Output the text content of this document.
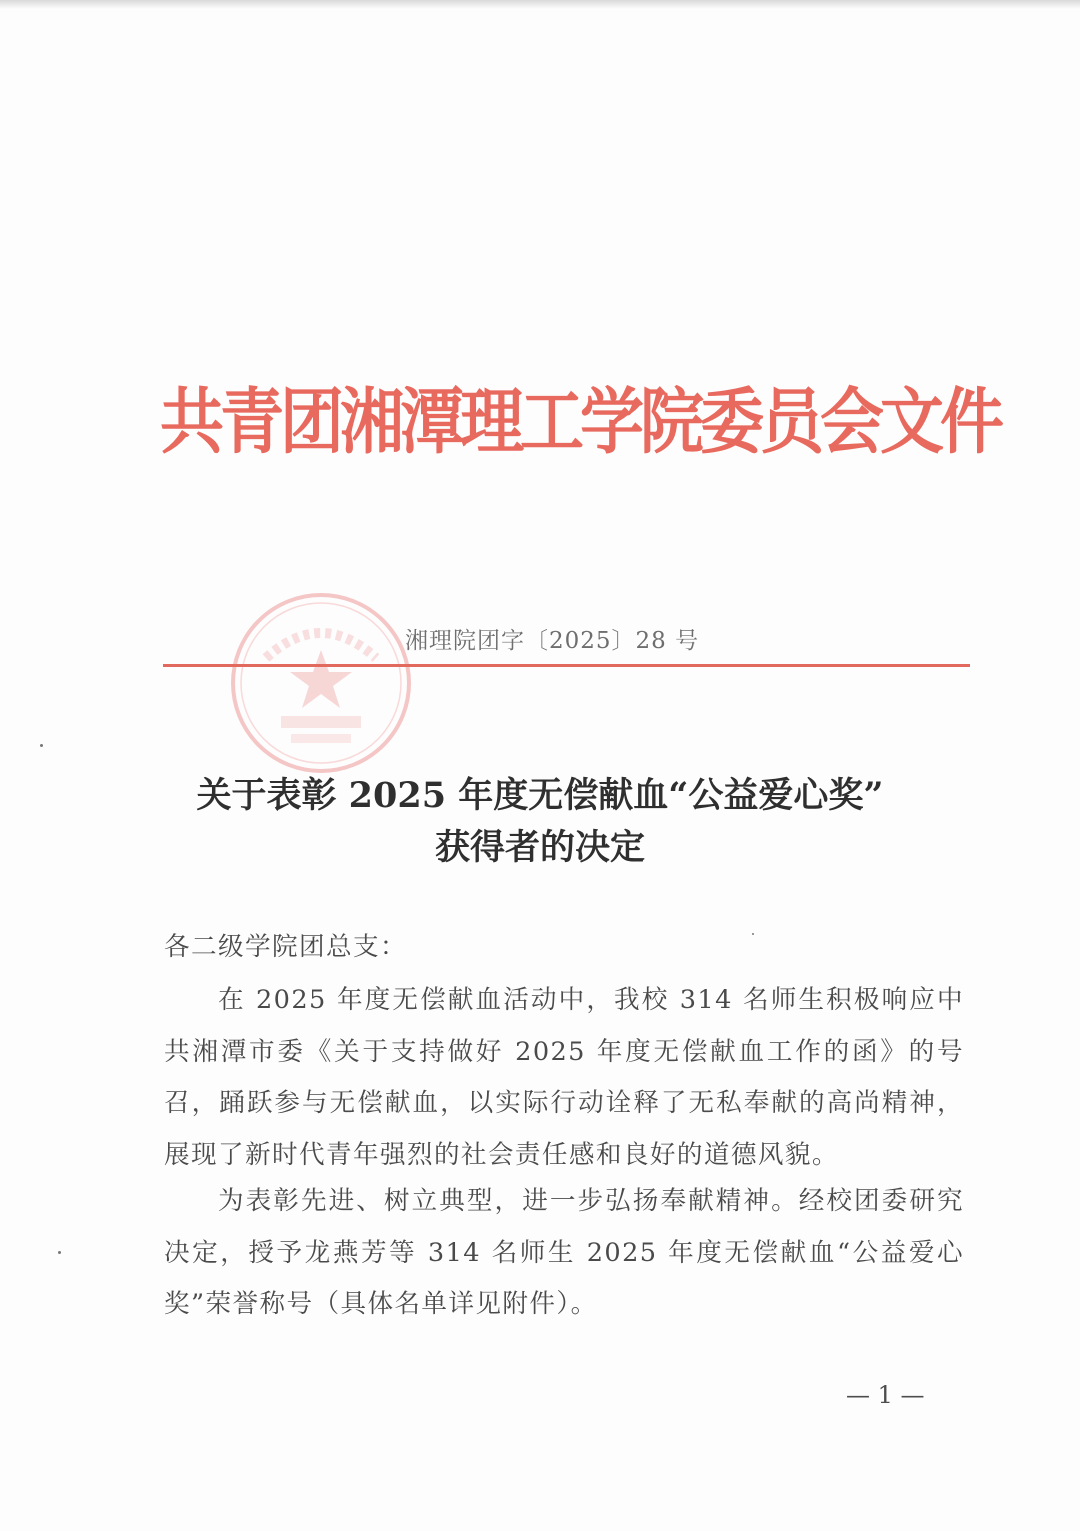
共青团湘潭理工学院委员会文件
湘理院团字〔2025〕28 号
关于表彰 2025 年度无偿献血“公益爱心奖”
获得者的决定
各二级学院团总支：
在 2025 年度无偿献血活动中，我校 314 名师生积极响应中共湘潭市委《关于支持做好 2025 年度无偿献血工作的函》的号召，踊跃参与无偿献血，以实际行动诠释了无私奉献的高尚精神，展现了新时代青年强烈的社会责任感和良好的道德风貌。
为表彰先进、树立典型，进一步弘扬奉献精神。经校团委研究决定，授予龙燕芳等 314 名师生 2025 年度无偿献血“公益爱心奖”荣誉称号（具体名单详见附件）。
— 1 —
